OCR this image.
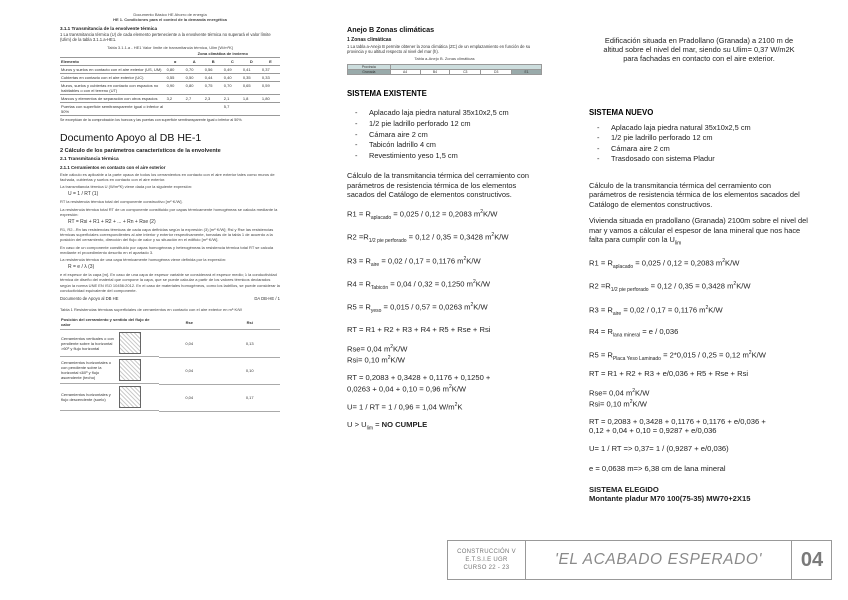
Documento Básico HE Ahorro de energía
HE 1. Condiciones para el control de la demanda energética
3.1.1 Transmitancia de la envolvente térmica
1 La transmitancia térmica (U) de cada elemento perteneciente a la envolvente térmica no superará el valor límite (Ulim) de la tabla 3.1.1.a-HE1.
Tabla 3.1.1.a - HE1 Valor límite de transmitancia térmica, Ulim [W/m²K]
	Zona climática de invierno					
Elemento	α	A	B	C	D	E
Muros y suelos en contacto con el aire exterior (US, UM)	0,80	0,70	0,56	0,49	0,41	0,37
Cubiertas en contacto con el aire exterior (UC)	0,55	0,50	0,44	0,40	0,35	0,33
Muros, suelos y cubiertas en contacto con espacios no habitables o con el terreno (UT)	0,90	0,80	0,75	0,70	0,65	0,59
Marcos y elementos de separación con otros espacios	3,2	2,7	2,3	2,1	1,8	1,80
Puertas con superficie semitransparente igual o inferior al 50%				5,7		
Se exceptúan de la comprobación los huecos y las puertas con superficie semitransparente igual o inferior al 50%.
Documento Apoyo al DB HE-1
2 Cálculo de los parámetros característicos de la envolvente
2.1 Transmitancia térmica
2.1.1 Cerramientos en contacto con el aire exterior
Este cálculo es aplicable a la parte opaca de todos los cerramientos en contacto con el aire exterior tales como muros de fachada, cubiertas y suelos en contacto con el aire exterior.
La transmitancia térmica U (W/m²K) viene dada por la siguiente expresión:
U = 1 / RT (1)
RT la resistencia térmica total del componente constructivo [m²·K/W].
La resistencia térmica total RT de un componente constituido por capas térmicamente homogéneas se calcula mediante la expresión:
RT = Rsi + R1 + R2 + ... + Rn + Rse (2)
R1, R2...Rn las resistencias térmicas de cada capa definidas según la expresión (3) [m²·K/W]; Rsi y Rse las resistencias térmicas superficiales correspondientes al aire interior y exterior respectivamente, tomadas de la tabla 1 de acuerdo a la posición del cerramiento, dirección del flujo de calor y su situación en el edificio [m²·K/W].
En caso de un componente constituido por capas homogéneas y heterogéneas la resistencia térmica total RT se calcula mediante el procedimiento descrito en el apartado 3.
La resistencia térmica de una capa térmicamente homogénea viene definida por la expresión:
R = e / λ (3)
e el espesor de la capa [m]. En caso de una capa de espesor variable se considerará el espesor medio; λ la conductividad térmica de diseño del material que compone la capa, que se puede calcular a partir de los valores térmicos declarados según la norma UNE EN ISO 10456:2012. En el caso de materiales homogéneos, como los ladrillos, se puede considerar la conductividad equivalente del componente.
Documento de Apoyo al DB HE	DA DB-HE / 1
Tabla 1 Resistencias térmicas superficiales de cerramientos en contacto con el aire exterior en m²·K/W
Posición del cerramiento y sentido del flujo de calor	Rse	Rsi

Cerramientos verticales o con pendiente sobre la horizontal >60º y flujo horizontal
0,04	0,13

Cerramientos horizontales o con pendiente sobre la horizontal ≤60º y flujo ascendente (techo)
0,04	0,10

Cerramientos horizontales y flujo descendente (suelo)	0,04	0,17
Anejo B Zonas climáticas
1 Zonas climáticas
1 La tabla a-Anejo B permite obtener la zona climática (ZC) de un emplazamiento en función de su provincia y su altitud respecto al nivel del mar (h).
Tabla a-Anejo B. Zonas climáticas
Provincia					
Granada	A4	B4	C3	D3	E1
SISTEMA EXISTENTE
- Aplacado laja piedra natural 35x10x2,5 cm
- 1/2 pie ladrillo perforado 12 cm
- Cámara aire 2 cm
- Tabicón ladrillo 4 cm
- Revestimiento yeso 1,5 cm
Cálculo de la transmitancia térmica del cerramiento con parámetros de resistencia térmica de los elementos sacados del Catálogo de elementos constructivos.
$R1 = R_{aplacado} = 0,025 / 0,12 = 0,2083$ $m^2K/W$
$R2 =R_{1/2 pie perforado} = 0,12 / 0,35 = 0,3428$ $m^2K/W$
$R3 = R_{aire} = 0,02 / 0,17 = 0,1176$ $m^2K/W$
$R4 = R_{Tabicón} = 0,04 / 0,32 = 0,1250$ $m^2K/W$
$R5 = R_{yeso} = 0,015 / 0,57 = 0,0263$ $m^2K/W$
RT = R1 + R2 + R3 + R4 + R5 + Rse + Rsi
Rse= 0,04 $m^2K/W$
Rsi= 0,10 $m^2K/W$
RT = 0,2083 + 0,3428 + 0,1176 + 0,1250 +
0,0263 + 0,04 + 0,10 = 0,96 $m^2K/W$
U= 1 / RT = 1 / 0,96 = 1,04 $W/m^2K$
$U > U_{lim}$ = NO CUMPLE
Edificación situada en Pradollano (Granada) a 2100 m de altitud sobre el nivel del mar, siendo su Ulim= 0,37 W/m2K para fachadas en contacto con el aire exterior.
SISTEMA NUEVO
- Aplacado laja piedra natural 35x10x2,5 cm
- 1/2 pie ladrillo perforado 12 cm
- Cámara aire 2 cm
- Trasdosado con sistema Pladur
Cálculo de la transmitancia térmica del cerramiento con parámetros de resistencia térmica de los elementos sacados del Catálogo de elementos constructivos.
Vivienda situada en pradollano (Granada) 2100m sobre el nivel del mar y vamos a cálcular el espesor de lana mineral que nos hace falta para cumplir con la $U_{lim}$
$R1 = R_{aplacado} = 0,025 / 0,12 = 0,2083$ $m^2K/W$
$R2 =R_{1/2 pie perforado} = 0,12 / 0,35 = 0,3428$ $m^2K/W$
$R3 = R_{aire} = 0,02 / 0,17 = 0,1176$ $m^2K/W$
$R4 = R_{lana mineral} = e / 0,036$
$R5 = R_{Placa Yeso Laminado} = 2*0,015 / 0,25 = 0,12$ $m^2K/W$
RT = R1 + R2 + R3 + e/0,036 + R5 + Rse + Rsi
Rse= 0,04 $m^2K/W$
Rsi= 0,10 $m^2K/W$
RT = 0,2083 + 0,3428 + 0,1176 + 0,1176 + e/0,036 +
0,12 + 0,04 + 0,10 = 0,9287 + e/0,036
U= 1 / RT => 0,37= 1 / (0,9287 + e/0,036)
e = 0,0638 m=> 6,38 cm de lana mineral
SISTEMA ELEGIDO
Montante pladur M70 100(75-35) MW70+2X15
CONSTRUCCIÓN V
E.T.S.I.E UGR
CURSO 22 - 23	'EL ACABADO ESPERADO'	04
